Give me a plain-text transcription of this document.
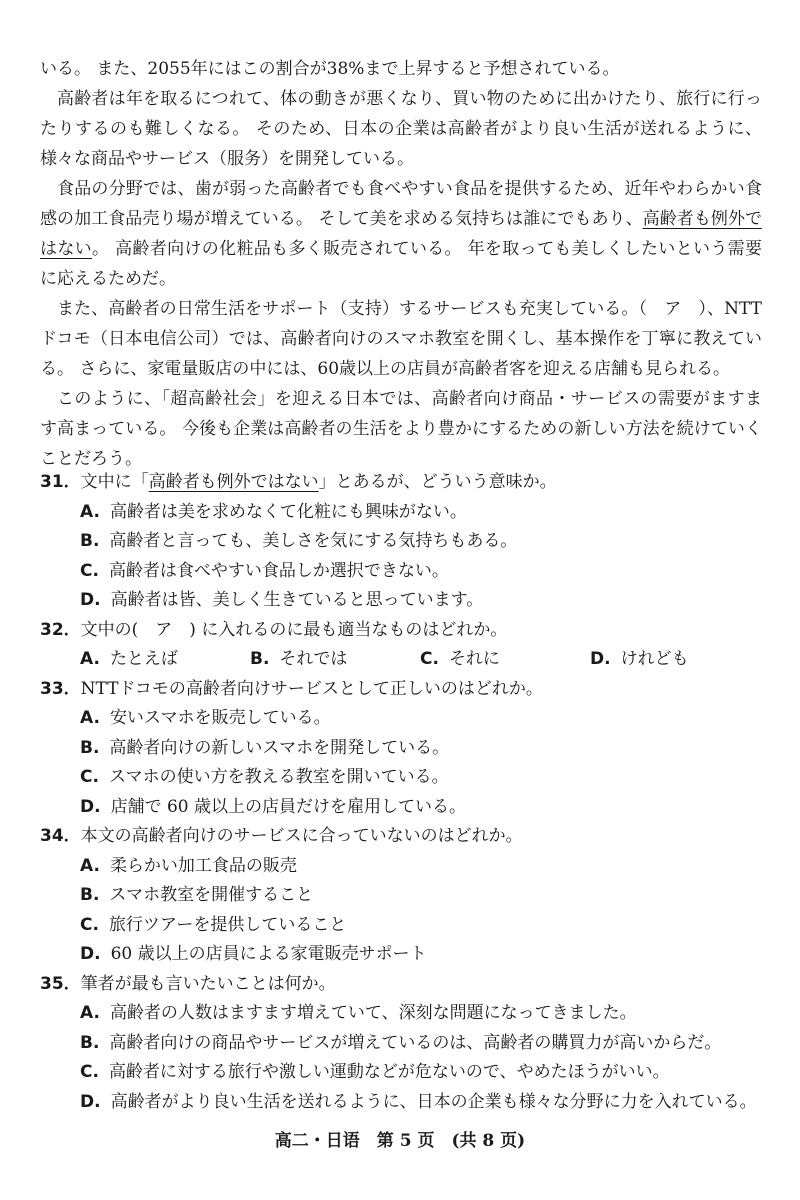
いる。 また、2055年にはこの割合が38%まで上昇すると予想されている。

高齢者は年を取るにつれて、体の動きが悪くなり、買い物のために出かけたり、旅行に行ったりするのも難しくなる。 そのため、日本の企業は高齢者がより良い生活が送れるように、様々な商品やサービス（服务）を開発している。

食品の分野では、歯が弱った高齢者でも食べやすい食品を提供するため、近年やわらかい食感の加工食品売り場が増えている。 そして美を求める気持ちは誰にでもあり、高齢者も例外ではない。 高齢者向けの化粧品も多く販売されている。 年を取っても美しくしたいという需要に応えるためだ。

また、高齢者の日常生活をサポート（支持）するサービスも充実している。（　ア　）、NTTドコモ（日本电信公司）では、高齢者向けのスマホ教室を開くし、基本操作を丁寧に教えている。 さらに、家電量販店の中には、60歳以上の店員が高齢者客を迎える店舗も見られる。

このように、「超高齢社会」を迎える日本では、高齢者向け商品・サービスの需要がますます高まっている。 今後も企業は高齢者の生活をより豊かにするための新しい方法を続けていくことだろう。

31．文中に「高齢者も例外ではない」とあるが、どういう意味か。

A. 高齢者は美を求めなくて化粧にも興味がない。

B. 高齢者と言っても、美しさを気にする気持ちもある。

C. 高齢者は食べやすい食品しか選択できない。

D. 高齢者は皆、美しく生きていると思っています。

32．文中の(　ア　) に入れるのに最も適当なものはどれか。

A. たとえば	B. それでは	C. それに	D. けれども

33．NTTドコモの高齢者向けサービスとして正しいのはどれか。

A. 安いスマホを販売している。

B. 高齢者向けの新しいスマホを開発している。

C. スマホの使い方を教える教室を開いている。

D. 店舗で 60 歳以上の店員だけを雇用している。

34．本文の高齢者向けのサービスに合っていないのはどれか。

A. 柔らかい加工食品の販売

B. スマホ教室を開催すること

C. 旅行ツアーを提供していること

D. 60 歳以上の店員による家電販売サポート

35．筆者が最も言いたいことは何か。

A. 高齢者の人数はますます増えていて、深刻な問題になってきました。

B. 高齢者向けの商品やサービスが増えているのは、高齢者の購買力が高いからだ。

C. 高齢者に対する旅行や激しい運動などが危ないので、やめたほうがいい。

D. 高齢者がより良い生活を送れるように、日本の企業も様々な分野に力を入れている。

高二・日语　第 5 页　(共 8 页)
